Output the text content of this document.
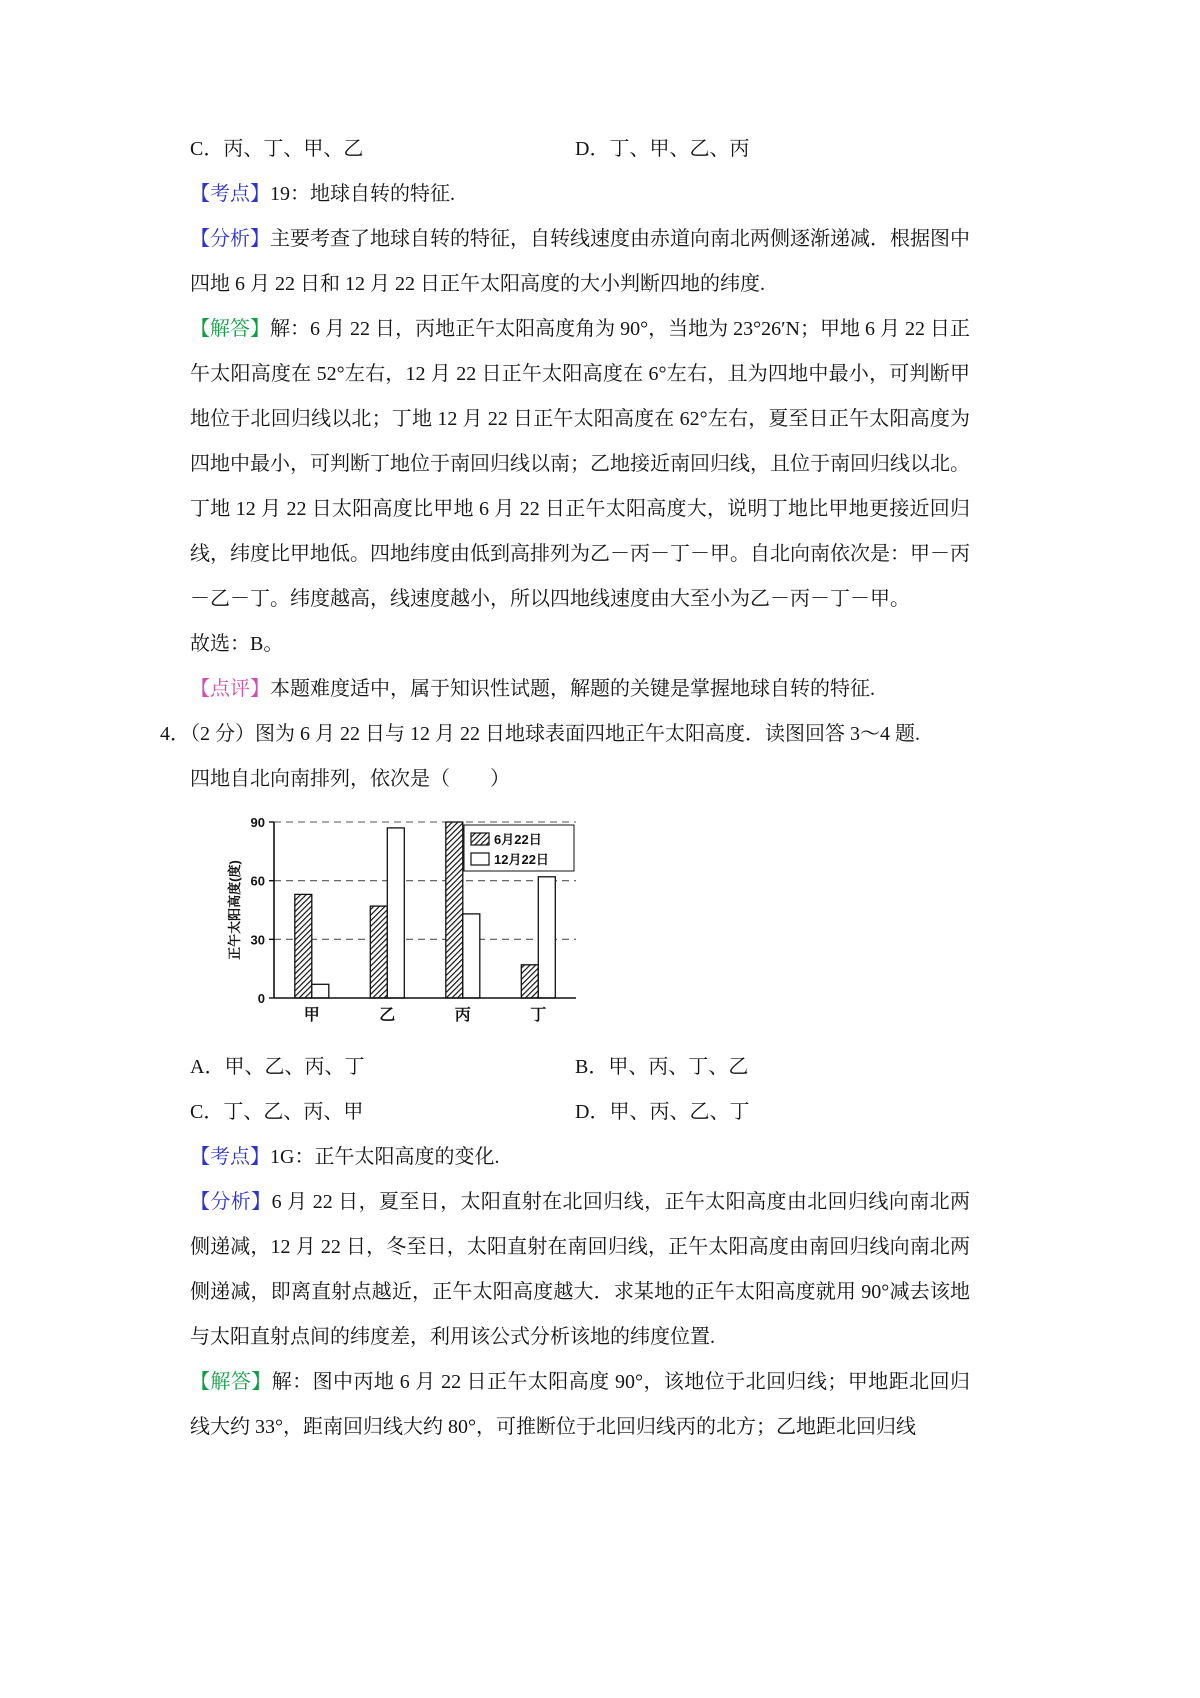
C．丙、丁、甲、乙	D．丁、甲、乙、丙

【考点】19：地球自转的特征.

【分析】主要考查了地球自转的特征，自转线速度由赤道向南北两侧逐渐递减．根据图中四地 6 月 22 日和 12 月 22 日正午太阳高度的大小判断四地的纬度.

【解答】解：6 月 22 日，丙地正午太阳高度角为 90°，当地为 23°26′N；甲地 6 月 22 日正午太阳高度在 52°左右，12 月 22 日正午太阳高度在 6°左右，且为四地中最小，可判断甲地位于北回归线以北；丁地 12 月 22 日正午太阳高度在 62°左右，夏至日正午太阳高度为四地中最小，可判断丁地位于南回归线以南；乙地接近南回归线，且位于南回归线以北。丁地 12 月 22 日太阳高度比甲地 6 月 22 日正午太阳高度大，说明丁地比甲地更接近回归线，纬度比甲地低。四地纬度由低到高排列为乙－丙－丁－甲。自北向南依次是：甲－丙－乙－丁。纬度越高，线速度越小，所以四地线速度由大至小为乙－丙－丁－甲。

故选：B。

【点评】本题难度适中，属于知识性试题，解题的关键是掌握地球自转的特征.

4．（2 分）图为 6 月 22 日与 12 月 22 日地球表面四地正午太阳高度．读图回答 3～4 题.

四地自北向南排列，依次是（　　）

甲	乙	丙	丁
0
30
60
90
正午太阳高度(度)
6月22日
12月22日
A．甲、乙、丙、丁	B．甲、丙、丁、乙
C．丁、乙、丙、甲	D．甲、丙、乙、丁

【考点】1G：正午太阳高度的变化.

【分析】6 月 22 日，夏至日，太阳直射在北回归线，正午太阳高度由北回归线向南北两侧递减，12 月 22 日，冬至日，太阳直射在南回归线，正午太阳高度由南回归线向南北两侧递减，即离直射点越近，正午太阳高度越大．求某地的正午太阳高度就用 90°减去该地与太阳直射点间的纬度差，利用该公式分析该地的纬度位置.

【解答】解：图中丙地 6 月 22 日正午太阳高度 90°，该地位于北回归线；甲地距北回归线大约 33°，距南回归线大约 80°，可推断位于北回归线丙的北方；乙地距北回归线
